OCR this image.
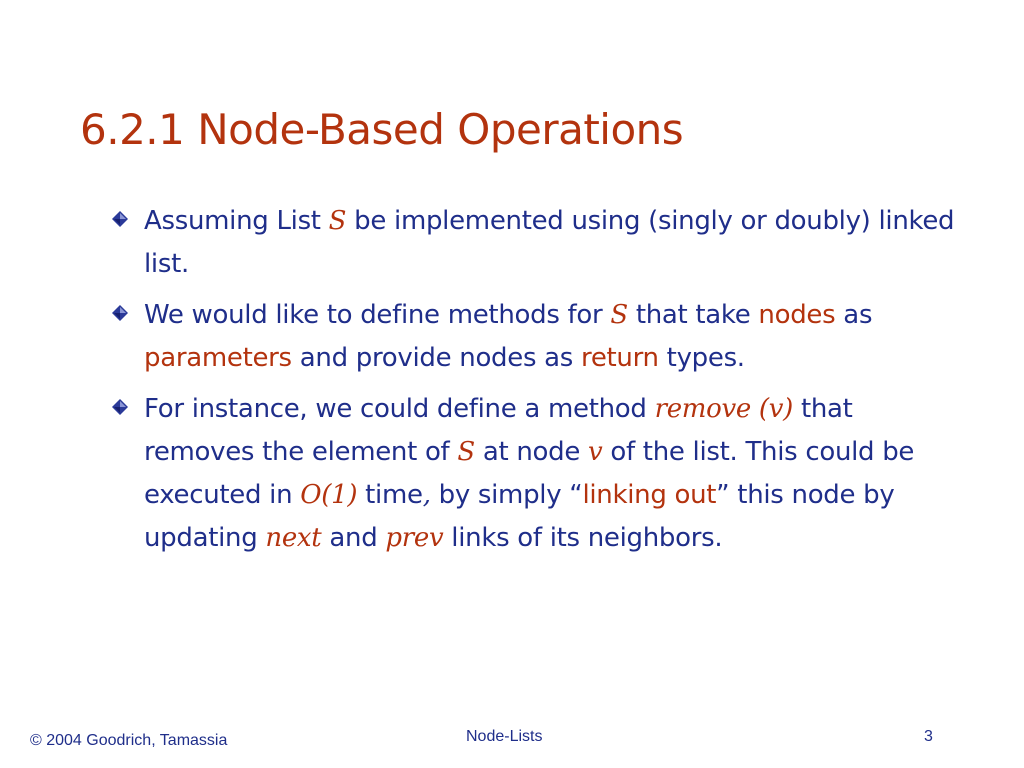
6.2.1 Node-Based Operations
Assuming List S be implemented using (singly or doubly) linked list.
We would like to define methods for S that take nodes as parameters and provide nodes as return types.
For instance, we could define a method remove (v) that removes the element of S at node v of the list. This could be executed in O(1) time, by simply “linking out” this node by updating next and prev links of its neighbors.
© 2004 Goodrich, Tamassia	Node-Lists	3
